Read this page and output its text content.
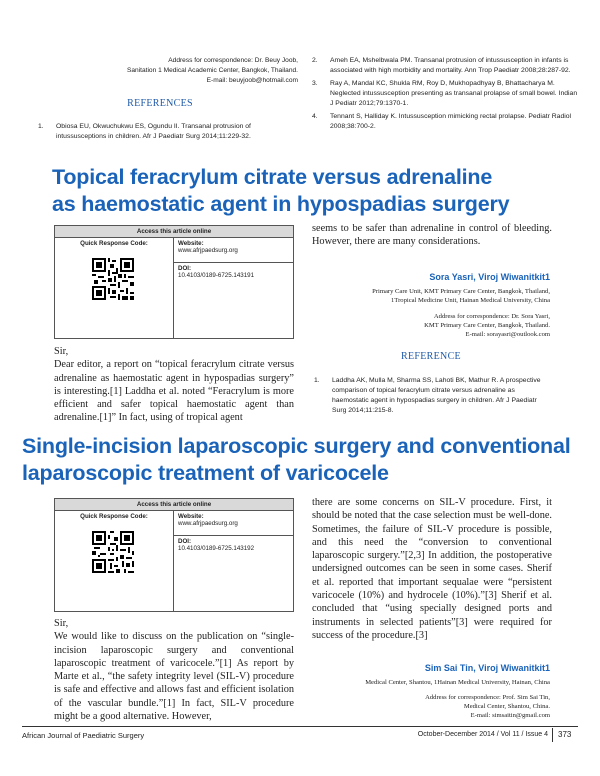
Address for correspondence: Dr. Beuy Joob,
Sanitation 1 Medical Academic Center, Bangkok, Thailand.
E-mail: beuyjoob@hotmail.com
REFERENCES
1.	Obiosa EU, Okwuchukwu ES, Ogundu II. Transanal protrusion of intussusceptions in children. Afr J Paediatr Surg 2014;11:229-32.
2.	Ameh EA, Mshelbwala PM. Transanal protrusion of intussusception in infants is associated with high morbidity and mortality. Ann Trop Paediatr 2008;28:287-92.
3.	Ray A, Mandal KC, Shukla RM, Roy D, Mukhopadhyay B, Bhattacharya M. Neglected intussusception presenting as transanal prolapse of small bowel. Indian J Pediatr 2012;79:1370-1.
4.	Tennant S, Halliday K. Intussusception mimicking rectal prolapse. Pediatr Radiol 2008;38:700-2.
Topical feracrylum citrate versus adrenaline
as haemostatic agent in hypospadias surgery
Access this article online
Quick Response Code:	Website:
www.afrjpaedsurg.org
DOI:
10.4103/0189-6725.143191
Sir,
Dear editor, a report on “topical feracrylum citrate versus adrenaline as haemostatic agent in hypospadias surgery” is interesting.[1] Laddha et al. noted “Feracrylum is more efficient and safer topical haemostatic agent than adrenaline.[1]” In fact, using of tropical agent
seems to be safer than adrenaline in control of bleeding. However, there are many considerations.
Sora Yasri, Viroj Wiwanitkit1
Primary Care Unit, KMT Primary Care Center, Bangkok, Thailand,
1Tropical Medicine Unit, Hainan Medical University, China
Address for correspondence: Dr. Sora Yasri,
KMT Primary Care Center, Bangkok, Thailand.
E-mail: sorayasri@outlook.com
REFERENCE
1.	Laddha AK, Mulla M, Sharma SS, Lahoti BK, Mathur R. A prospective comparison of topical feracrylum citrate versus adrenaline as haemostatic agent in hypospadias surgery in children. Afr J Paediatr Surg 2014;11:215-8.
Single-incision laparoscopic surgery and conventional
laparoscopic treatment of varicocele
Access this article online
Quick Response Code:	Website:
www.afrjpaedsurg.org
DOI:
10.4103/0189-6725.143192
Sir,
We would like to discuss on the publication on “single-incision laparoscopic surgery and conventional laparoscopic treatment of varicocele.”[1] As report by Marte et al., “the safety integrity level (SIL-V) procedure is safe and effective and allows fast and efficient isolation of the vascular bundle.”[1] In fact, SIL-V procedure might be a good alternative. However,
there are some concerns on SIL-V procedure. First, it should be noted that the case selection must be well-done. Sometimes, the failure of SIL-V procedure is possible, and this need the “conversion to conventional laparoscopic surgery.”[2,3] In addition, the postoperative undersigned outcomes can be seen in some cases. Sherif et al. reported that important sequalae were “persistent varicocele (10%) and hydrocele (10%).”[3] Sherif et al. concluded that “using specially designed ports and instruments in selected patients”[3] were required for success of the procedure.[3]
Sim Sai Tin, Viroj Wiwanitkit1
Medical Center, Shantou, 1Hainan Medical University, Hainan, China
Address for correspondence: Prof. Sim Sai Tin,
Medical Center, Shantou, China.
E-mail: simsaitin@gmail.com
African Journal of Paediatric Surgery	October-December 2014 / Vol 11 / Issue 4 373
